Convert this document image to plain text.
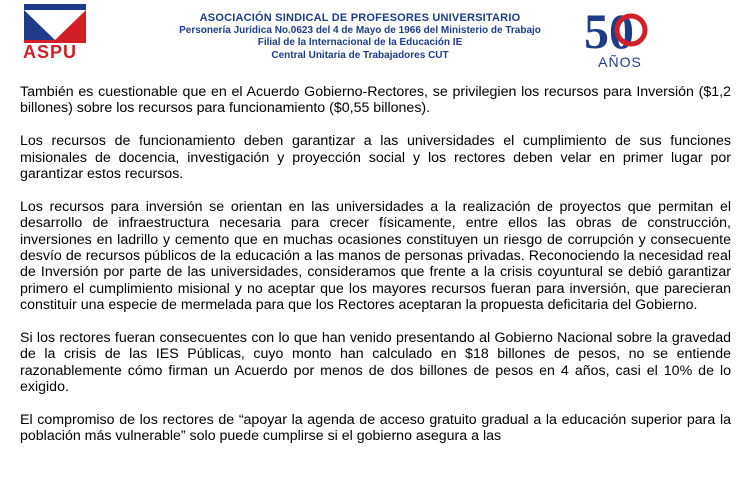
ASPU
ASOCIACIÓN SINDICAL DE PROFESORES UNIVERSITARIO
Personería Jurídica No.0623 del 4 de Mayo de 1966 del Ministerio de Trabajo
Filial de la Internacional de la Educación IE
Central Unitaria de Trabajadores CUT	50
AÑOS

También es cuestionable que en el Acuerdo Gobierno-Rectores, se privilegien los recursos para Inversión ($1,2 billones) sobre los recursos para funcionamiento ($0,55 billones).

Los recursos de funcionamiento deben garantizar a las universidades el cumplimiento de sus funciones misionales de docencia, investigación y proyección social y los rectores deben velar en primer lugar por garantizar estos recursos.

Los recursos para inversión se orientan en las universidades a la realización de proyectos que permitan el desarrollo de infraestructura necesaria para crecer físicamente, entre ellos las obras de construcción, inversiones en ladrillo y cemento que en muchas ocasiones constituyen un riesgo de corrupción y consecuente desvío de recursos públicos de la educación a las manos de personas privadas. Reconociendo la necesidad real de Inversión por parte de las universidades, consideramos que frente a la crisis coyuntural se debió garantizar primero el cumplimiento misional y no aceptar que los mayores recursos fueran para inversión, que parecieran constituir una especie de mermelada para que los Rectores aceptaran la propuesta deficitaria del Gobierno.

Si los rectores fueran consecuentes con lo que han venido presentando al Gobierno Nacional sobre la gravedad de la crisis de las IES Públicas, cuyo monto han calculado en $18 billones de pesos, no se entiende razonablemente cómo firman un Acuerdo por menos de dos billones de pesos en 4 años, casi el 10% de lo exigido.

El compromiso de los rectores de “apoyar la agenda de acceso gratuito gradual a la educación superior para la población más vulnerable” solo puede cumplirse si el gobierno asegura a las
